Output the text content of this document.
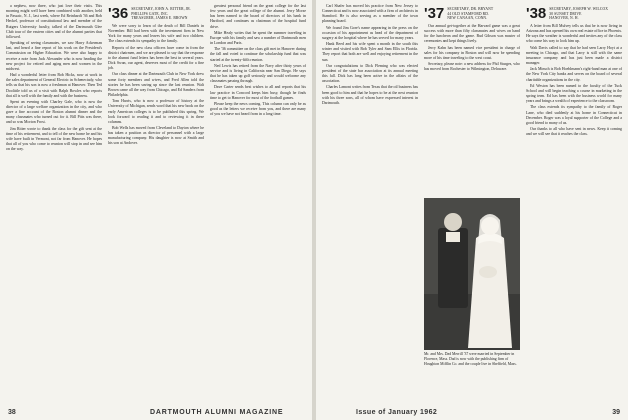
a nephew, now three, who just love their visits. This morning might well have been combined with another, held in Passaic, N. J., last week, where Ed Reinhardt '36 and Bob Heckel, professor of constitutional law and member of the Rutgers University faculty, talked of the Dartmouth Glee Club tour of the eastern cities and of the alumni parties that followed.

Speaking of seeing classmates, we saw Harry Ackerman last, and heard a fine report of his work on the President's Commission on Higher Education. We were also happy to receive a note from Jack Alexander who is now heading the new project for retired and aging men and women in the midwest.

Had a wonderful letter from Bob Hicks, now at work in the sales department of General Electric in Schenectady, who tells us that his son is now a freshman at Hanover. Then Ted Doolittle told us of a visit with Ralph Bowles who reports that all is well with the family and with the business.

Spent an evening with Charley Gale, who is now the director of a large welfare organization in the city, and who gave a fine account of the Boston alumni dinner and the many classmates who turned out for it. Bill Pitts was there, and so was Morton Frost.

Jim Ritter wrote to thank the class for the gift sent at the time of his retirement, and to tell of the new home he and his wife have built in Vermont, not far from Hanover. He hopes that all of you who come to reunion will stop in and see him on the way.

'36 SECRETARY, JOHN A. RITTER, JR.
PHILLIPS GATE, INC.
TREASURER, JAMES E. BROWN

We were sorry to learn of the death of Bill Daniels in November. Bill had been with the investment firm in New York for many years and leaves his wife and two children. The class extends its sympathy to the family.

Reports of the new class officers have come in from the district chairmen, and we are pleased to say that the response to the alumni fund letters has been the best in several years. Dick Swan, our agent, deserves most of the credit for a fine job.

Our class dinner at the Dartmouth Club in New York drew some forty members and wives, and Fred Allen told the stories he has been saving up since the last reunion. Walt Brown came all the way from Chicago, and Ed Sanders from Philadelphia.

Tom Harris, who is now a professor of history at the University of Michigan, sends word that his new book on the early American colleges is to be published this spring. We look forward to reading it and to reviewing it in these columns.

Bob Wells has moved from Cleveland to Dayton where he has taken a position as director of personnel with a large manufacturing company. His daughter is now at Smith and his son at Andover.

greatest personal friend on the great college for the last few years and the great college of the alumni. Jerry Morse has been named to the board of directors of his bank in Hartford, and continues as chairman of the hospital fund drive.

Mike Healy writes that he spent the summer traveling in Europe with his family and saw a number of Dartmouth men in London and Paris.

The '36 committee on the class gift met in Hanover during the fall and voted to continue the scholarship fund that was started at the twenty-fifth reunion.

Ned Lewis has retired from the Navy after thirty years of service and is living in California near San Diego. He says that he has taken up golf seriously and would welcome any classmates passing through.

Dave Carter sends best wishes to all and reports that his law practice in Concord keeps him busy, though he finds time to get to Hanover for most of the football games.

Please keep the news coming. This column can only be as good as the letters we receive from you, and there are many of you we have not heard from in a long time.

38	DARTMOUTH ALUMNI MAGAZINE

Carl Shafer has moved his practice from New Jersey to Connecticut and is now associated with a firm of architects in Stamford. He is also serving as a member of the town planning board.

We found Jim Gore's name appearing in the press on the occasion of his appointment as head of the department of surgery at the hospital where he has served for many years.

Hank Reed and his wife spent a month in the south this winter and visited with Bob Tyler and Sam Ellis in Florida. They report that both are well and enjoying retirement in the sun.

Our congratulations to Dick Fleming who was elected president of the state bar association at its annual meeting this fall. Dick has long been active in the affairs of the association.

Charles Lamont writes from Texas that the oil business has been good to him and that he hopes to be at the next reunion with his three sons, all of whom have expressed interest in Dartmouth.

'37 SECRETARY, DR. BRYANT
44 OLD STAMFORD RD.
NEW CANAAN, CONN.

Our annual get-together at the Harvard game was a great success with more than fifty classmates and wives on hand for the luncheon and the game. Bud Gibson was master of ceremonies and kept things lively.

Jerry Kahn has been named vice president in charge of sales for his company in Boston and will now be spending more of his time traveling to the west coast.

Secretary, please note: a new address for Phil Sturges, who has moved from Rochester to Wilmington, Delaware.

Mr. and Mrs. Dad Merrill '37 were married in September in Florence, Mass. Dad is now with the publishing firm of Houghton Mifflin Co. and the couple live in Sheffield, Mass.
'38 SECRETARY, JOSEPH W. WILCOX
30 SUNSET DRIVE
HANOVER, N. H.

A letter from Bill Mulvey tells us that he is now living in Arizona and has opened his own real estate office in Phoenix. He says the weather is wonderful and invites any of the class who come his way to look him up.

Walt Davis called to say that he had seen Larry Hoyt at a meeting in Chicago, and that Larry is still with the same insurance company and has just been made a district manager.

Jack Minsch is Bob Hoehlmann's right-hand man at one of the New York City banks and serves on the board of several charitable organizations in the city.

Ed Weston has been named to the faculty of the Tuck School and will begin teaching a course in marketing in the spring term. Ed has been with the business world for many years and brings a wealth of experience to the classroom.

The class extends its sympathy to the family of Roger Lane, who died suddenly at his home in Connecticut in December. Roger was a loyal supporter of the College and a good friend to many of us.

Our thanks to all who have sent in news. Keep it coming and we will see that it reaches the class.

Issue of January 1962	39
